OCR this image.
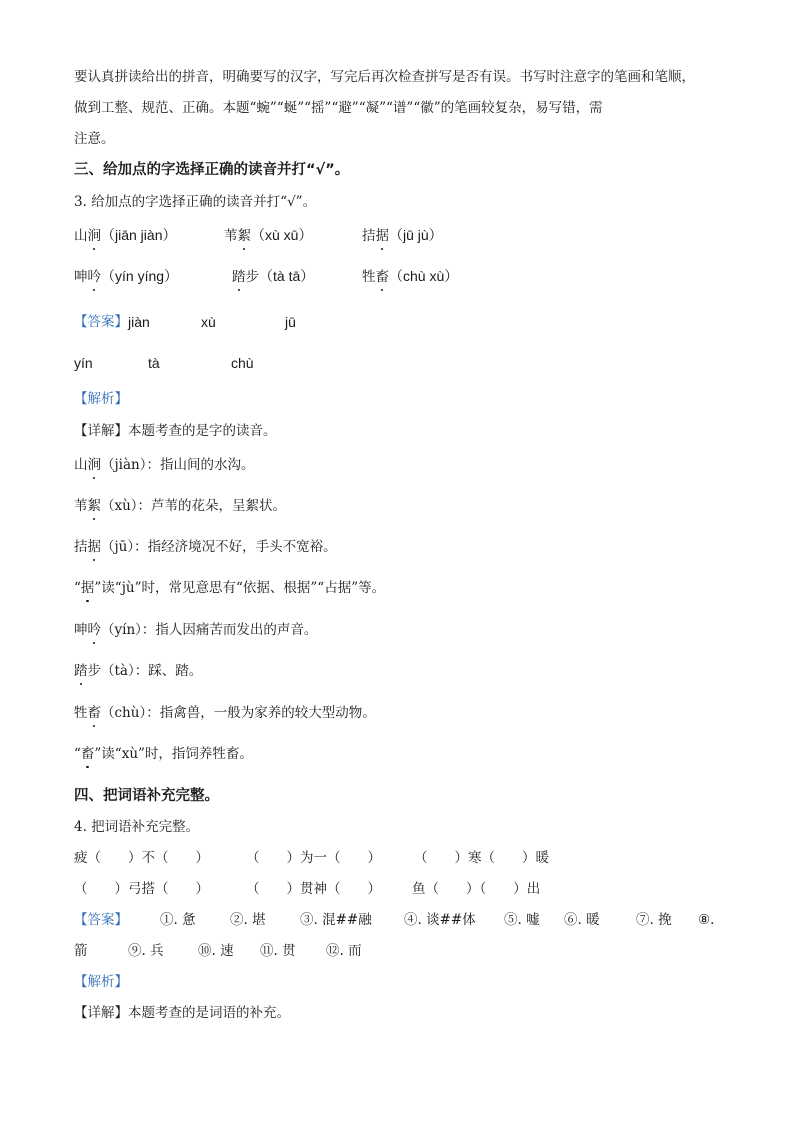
要认真拼读给出的拼音，明确要写的汉字，写完后再次检查拼写是否有误。书写时注意字的笔画和笔顺，
做到工整、规范、正确。本题“蜿”“蜒”“摇”“避”“凝”“谱”“徽”的笔画较复杂，易写错，需
注意。
三、给加点的字选择正确的读音并打“√”。
3. 给加点的字选择正确的读音并打“√”。
山涧（jiān jiàn）	苇絮（xù xū）	拮据（jū jù）
呻吟（yín yíng）	踏步（tà tā）	牲畜（chù xù）
【答案】 jiàn	xù	jū
yín	tà	chù
【解析】
【详解】本题考查的是字的读音。
山涧（jiàn）：指山间的水沟。
苇絮（xù）：芦苇的花朵，呈絮状。
拮据（jū）：指经济境况不好，手头不宽裕。
“据”读“jù”时，常见意思有“依据、根据”“占据”等。
呻吟（yín）：指人因痛苦而发出的声音。
踏步（tà）：踩、踏。
牲畜（chù）：指禽兽，一般为家养的较大型动物。
“畜”读“xù”时，指饲养牲畜。
四、把词语补充完整。
4. 把词语补充完整。
疲（　　）不（　　）	（　　）为一（　　） （　　）寒（　　）暖
（　　）弓搭（　　）	（　　）贯神（　　） 鱼（　　）（　　）出
【答案】 ①. 惫	②. 堪	③. 混##融 ④. 谈##体 ⑤. 嘘 ⑥. 暖	⑦. 挽 ⑧.
箭	⑨. 兵	⑩. 速 ⑪. 贯 ⑫. 而
【解析】
【详解】本题考查的是词语的补充。
